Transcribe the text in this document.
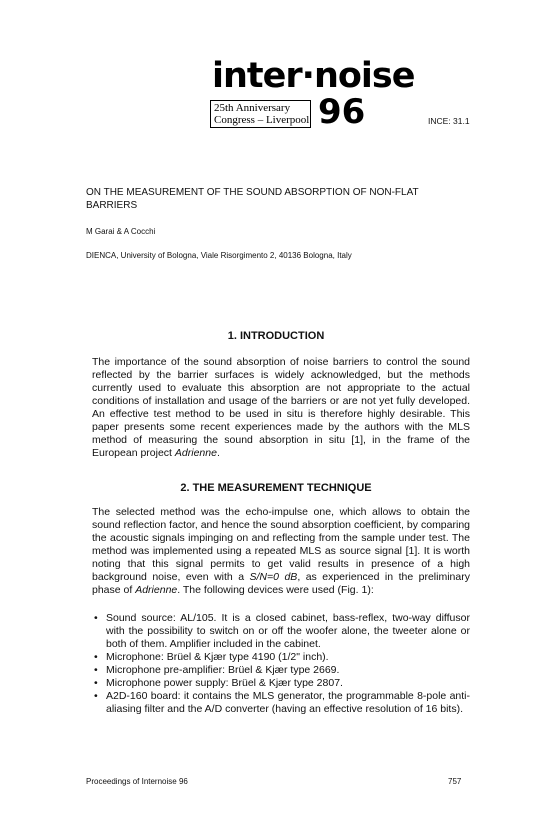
inter·noise
25th Anniversary
Congress – Liverpool 96	INCE: 31.1
ON THE MEASUREMENT OF THE SOUND ABSORPTION OF NON-FLAT BARRIERS
M Garai & A Cocchi
DIENCA, University of Bologna, Viale Risorgimento 2, 40136 Bologna, Italy
1. INTRODUCTION
The importance of the sound absorption of noise barriers to control the sound reflected by the barrier surfaces is widely acknowledged, but the methods currently used to evaluate this absorption are not appropriate to the actual conditions of installation and usage of the barriers or are not yet fully developed. An effective test method to be used in situ is therefore highly desirable. This paper presents some recent experiences made by the authors with the MLS method of measuring the sound absorption in situ [1], in the frame of the European project Adrienne.
2. THE MEASUREMENT TECHNIQUE
The selected method was the echo-impulse one, which allows to obtain the sound reflection factor, and hence the sound absorption coefficient, by comparing the acoustic signals impinging on and reflecting from the sample under test. The method was implemented using a repeated MLS as source signal [1]. It is worth noting that this signal permits to get valid results in presence of a high background noise, even with a S/N=0 dB, as experienced in the preliminary phase of Adrienne. The following devices were used (Fig. 1):
• Sound source: AL/105. It is a closed cabinet, bass-reflex, two-way diffusor with the possibility to switch on or off the woofer alone, the tweeter alone or both of them. Amplifier included in the cabinet.
• Microphone: Brüel & Kjær type 4190 (1/2" inch).
• Microphone pre-amplifier: Brüel & Kjær type 2669.
• Microphone power supply: Brüel & Kjær type 2807.
• A2D-160 board: it contains the MLS generator, the programmable 8-pole anti-aliasing filter and the A/D converter (having an effective resolution of 16 bits).
Proceedings of Internoise 96	757
